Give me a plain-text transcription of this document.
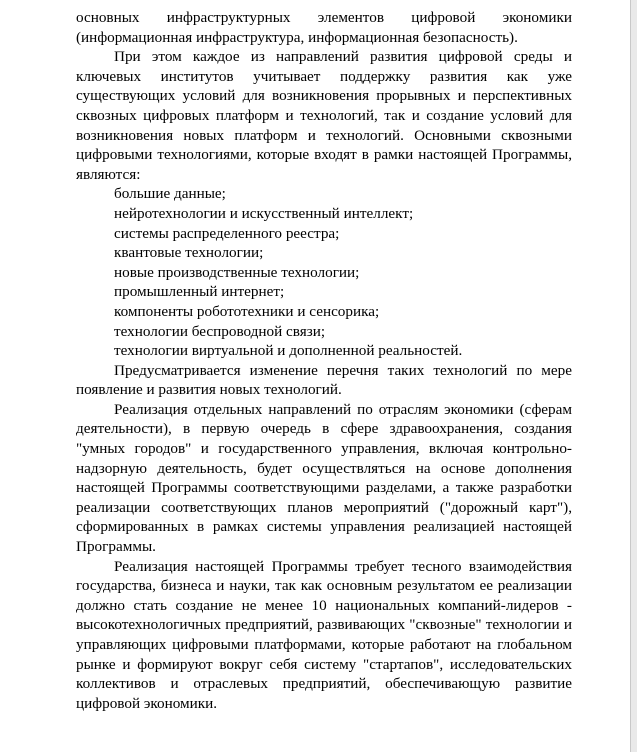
основных инфраструктурных элементов цифровой экономики (информационная инфраструктура, информационная безопасность).

При этом каждое из направлений развития цифровой среды и ключевых институтов учитывает поддержку развития как уже существующих условий для возникновения прорывных и перспективных сквозных цифровых платформ и технологий, так и создание условий для возникновения новых платформ и технологий. Основными сквозными цифровыми технологиями, которые входят в рамки настоящей Программы, являются:

большие данные;
нейротехнологии и искусственный интеллект;
системы распределенного реестра;
квантовые технологии;
новые производственные технологии;
промышленный интернет;
компоненты робототехники и сенсорика;
технологии беспроводной связи;
технологии виртуальной и дополненной реальностей.

Предусматривается изменение перечня таких технологий по мере появление и развития новых технологий.

Реализация отдельных направлений по отраслям экономики (сферам деятельности), в первую очередь в сфере здравоохранения, создания "умных городов" и государственного управления, включая контрольно-надзорную деятельность, будет осуществляться на основе дополнения настоящей Программы соответствующими разделами, а также разработки реализации соответствующих планов мероприятий ("дорожный карт"), сформированных в рамках системы управления реализацией настоящей Программы.

Реализация настоящей Программы требует тесного взаимодействия государства, бизнеса и науки, так как основным результатом ее реализации должно стать создание не менее 10 национальных компаний-лидеров - высокотехнологичных предприятий, развивающих "сквозные" технологии и управляющих цифровыми платформами, которые работают на глобальном рынке и формируют вокруг себя систему "стартапов", исследовательских коллективов и отраслевых предприятий, обеспечивающую развитие цифровой экономики.
